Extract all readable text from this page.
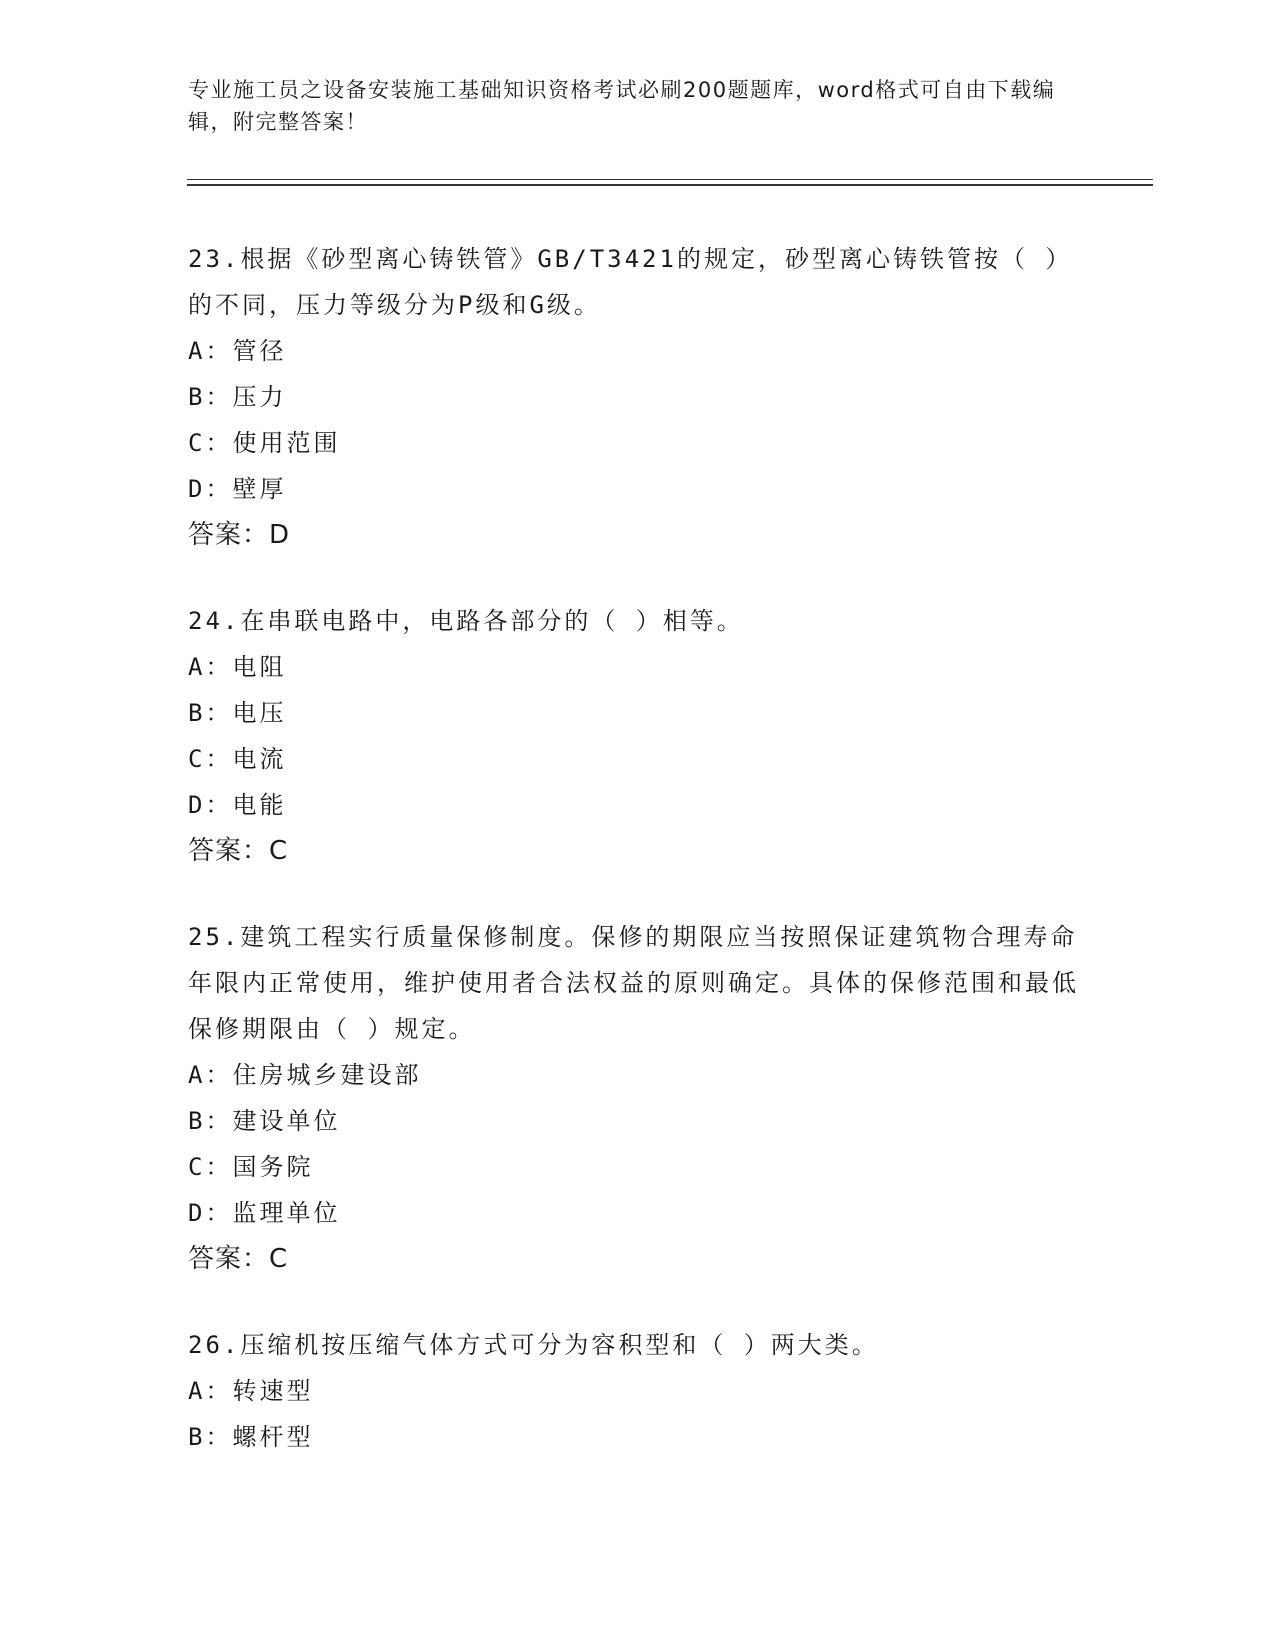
专业施工员之设备安装施工基础知识资格考试必刷200题题库，word格式可自由下载编辑，附完整答案！

23.根据《砂型离心铸铁管》GB/T3421的规定，砂型离心铸铁管按（ ）的不同，压力等级分为P级和G级。

A：管径

B：压力

C：使用范围

D：壁厚

答案：D

24.在串联电路中，电路各部分的（ ）相等。

A：电阻

B：电压

C：电流

D：电能

答案：C

25.建筑工程实行质量保修制度。保修的期限应当按照保证建筑物合理寿命年限内正常使用，维护使用者合法权益的原则确定。具体的保修范围和最低保修期限由（ ）规定。

A：住房城乡建设部

B：建设单位

C：国务院

D：监理单位

答案：C

26.压缩机按压缩气体方式可分为容积型和（ ）两大类。

A：转速型

B：螺杆型
